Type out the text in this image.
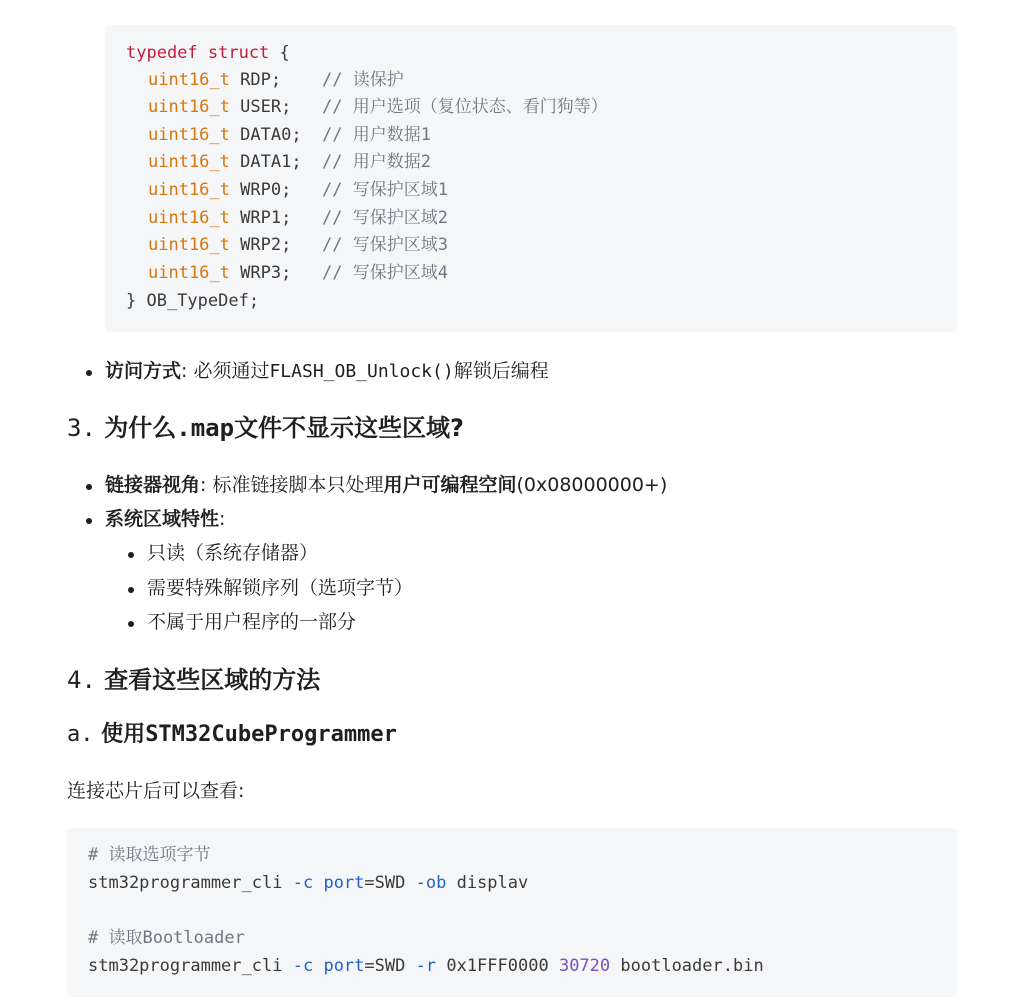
typedef struct {
uint16_t RDP; // 读保护
uint16_t USER; // 用户选项（复位状态、看门狗等）
uint16_t DATA0; // 用户数据1
uint16_t DATA1; // 用户数据2
uint16_t WRP0; // 写保护区域1
uint16_t WRP1; // 写保护区域2
uint16_t WRP2; // 写保护区域3
uint16_t WRP3; // 写保护区域4
} OB_TypeDef;
访问方式: 必须通过FLASH_OB_Unlock()解锁后编程
3. 为什么.map文件不显示这些区域?
链接器视角: 标准链接脚本只处理用户可编程空间(0x08000000+)
系统区域特性:
只读（系统存储器）
需要特殊解锁序列（选项字节）
不属于用户程序的一部分
4. 查看这些区域的方法
a. 使用STM32CubeProgrammer
连接芯片后可以查看:
# 读取选项字节
stm32programmer_cli -c port=SWD -ob displav
# 读取Bootloader
stm32programmer_cli -c port=SWD -r 0x1FFF0000 30720 bootloader.bin
